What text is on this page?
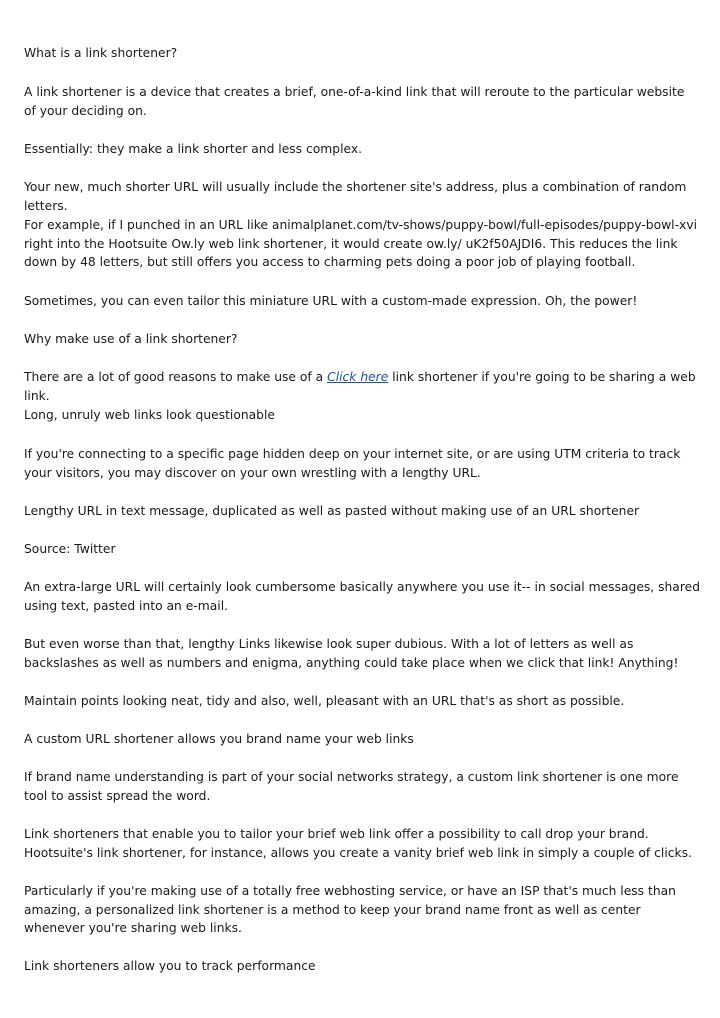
What is a link shortener?

A link shortener is a device that creates a brief, one-of-a-kind link that will reroute to the particular website of your deciding on.

Essentially: they make a link shorter and less complex.

Your new, much shorter URL will usually include the shortener site's address, plus a combination of random letters.

For example, if I punched in an URL like animalplanet.com/tv-shows/puppy-bowl/full-episodes/puppy-bowl-xvi right into the Hootsuite Ow.ly web link shortener, it would create ow.ly/ uK2f50AJDI6. This reduces the link down by 48 letters, but still offers you access to charming pets doing a poor job of playing football.

Sometimes, you can even tailor this miniature URL with a custom-made expression. Oh, the power!

Why make use of a link shortener?

There are a lot of good reasons to make use of a Click here link shortener if you're going to be sharing a web link.

Long, unruly web links look questionable

If you're connecting to a specific page hidden deep on your internet site, or are using UTM criteria to track your visitors, you may discover on your own wrestling with a lengthy URL.

Lengthy URL in text message, duplicated as well as pasted without making use of an URL shortener

Source: Twitter

An extra-large URL will certainly look cumbersome basically anywhere you use it-- in social messages, shared using text, pasted into an e-mail.

But even worse than that, lengthy Links likewise look super dubious. With a lot of letters as well as backslashes as well as numbers and enigma, anything could take place when we click that link! Anything!

Maintain points looking neat, tidy and also, well, pleasant with an URL that's as short as possible.

A custom URL shortener allows you brand name your web links

If brand name understanding is part of your social networks strategy, a custom link shortener is one more tool to assist spread the word.

Link shorteners that enable you to tailor your brief web link offer a possibility to call drop your brand. Hootsuite's link shortener, for instance, allows you create a vanity brief web link in simply a couple of clicks.

Particularly if you're making use of a totally free webhosting service, or have an ISP that's much less than amazing, a personalized link shortener is a method to keep your brand name front as well as center whenever you're sharing web links.

Link shorteners allow you to track performance
